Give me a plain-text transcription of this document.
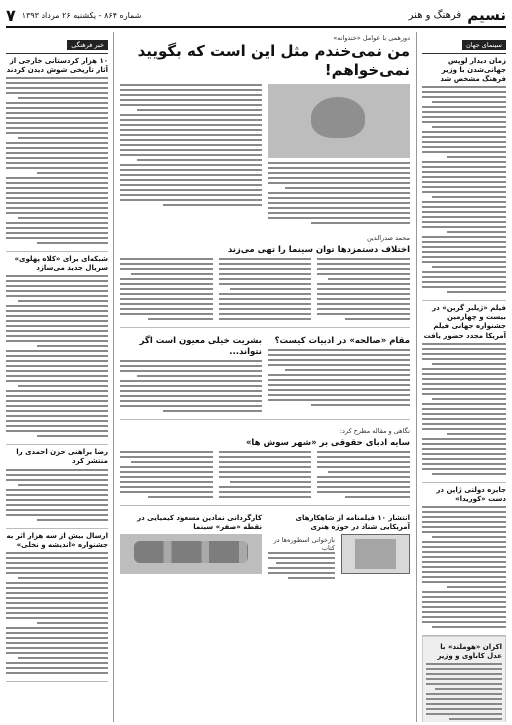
نسیم
فرهنگ و هنر
شماره ۸۶۴ - یکشنبه ۲۶ مرداد ۱۳۹۳
۷
سینمای جهان
زمان دیدار لوپس جهانی‌شدن با وزیر فرهنگ مشخص شد
فیلم «ژیلبر گرین» در بیست و چهارمین جشنواره جهانی فیلم آمریکا مجدد حضور یافت
جایزه دولتی ژاپن در دست «کوریدا»
اکران «هوملند» با عدل کاباوی و وزیر
دورهمی با عوامل «خندوانه»
من نمی‌خندم مثل این است که بگویید نمی‌خواهم!
محمد صدرالدین
اختلاف دستمزدها توان سینما را تهی می‌زند
مقام «صالحه» در ادبیات کیست؟
بشریت خیلی معیون است اگر نتواند...
نگاهی و مقاله مطرح کرد:
سایه ادبای حقوقی بر «شهر سوش ها»
انتشار ۱۰ فیلمنامه از شاهکارهای آمریکایی شناد در حوزه هنری
بازخوانی اسطوره‌ها در کتاب
کارگردانی نمادین مسعود کیمیایی در نقطه «صفر» سینما
خبر فرهنگی
۱۰ هزار کردستانی خارجی از آثار تاریخی شوش دیدن کردند
شبکه‌ای برای «کلاه پهلوی» سریال جدید می‌سازد
رضا براهنی حزن احمدی را منتشر کرد
ارسال بیش از سه هزار اثر به جشنواره «اندیشه و نخلی»
